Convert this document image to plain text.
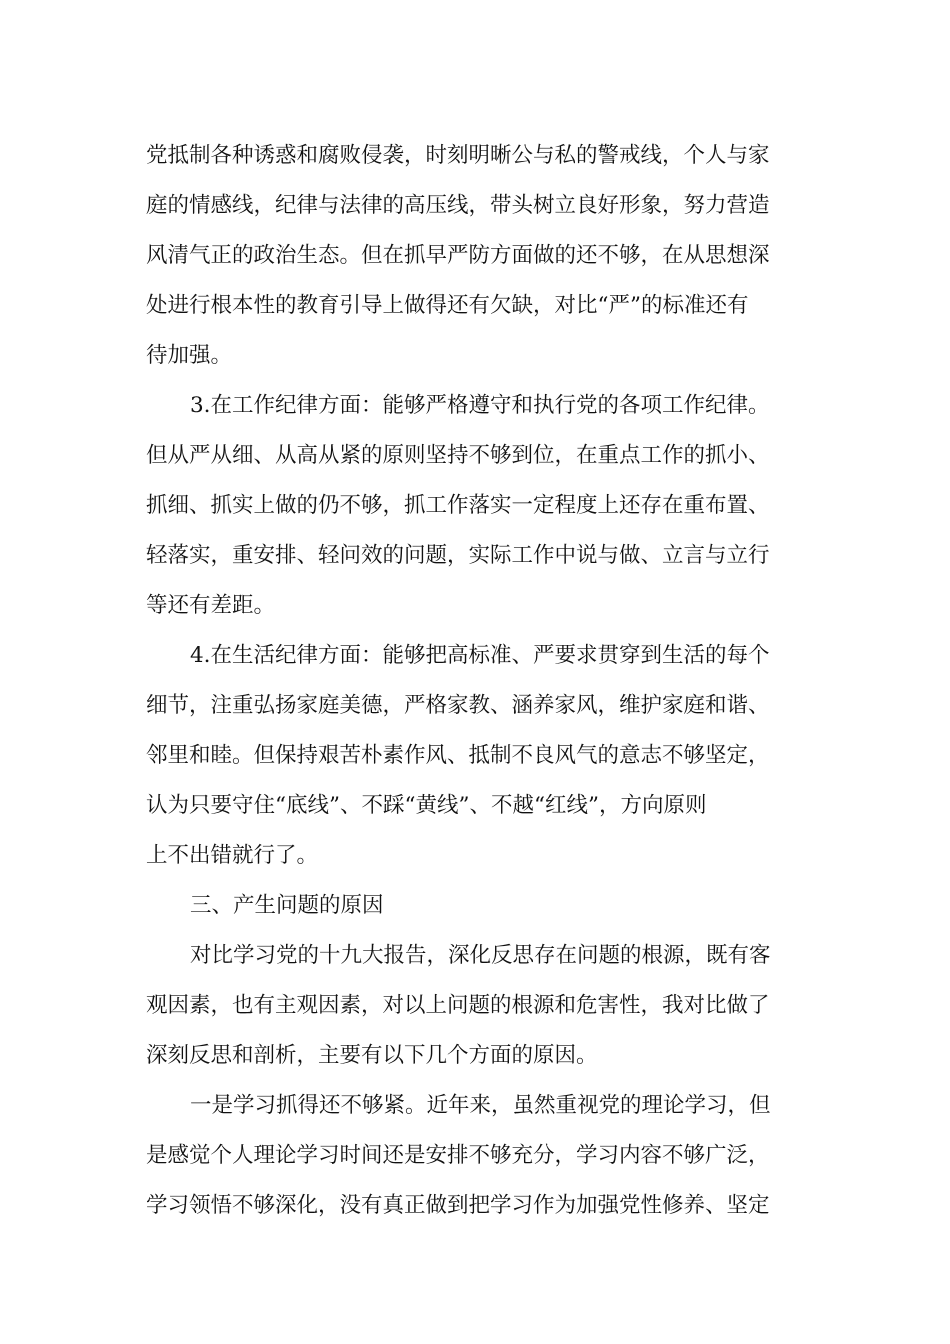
党抵制各种诱惑和腐败侵袭，时刻明晰公与私的警戒线，个人与家
庭的情感线，纪律与法律的高压线，带头树立良好形象，努力营造
风清气正的政治生态。但在抓早严防方面做的还不够，在从思想深
处进行根本性的教育引导上做得还有欠缺，对比“严”的标准还有
待加强。
3.在工作纪律方面：能够严格遵守和执行党的各项工作纪律。
但从严从细、从高从紧的原则坚持不够到位，在重点工作的抓小、
抓细、抓实上做的仍不够，抓工作落实一定程度上还存在重布置、
轻落实，重安排、轻问效的问题，实际工作中说与做、立言与立行
等还有差距。
4.在生活纪律方面：能够把高标准、严要求贯穿到生活的每个
细节，注重弘扬家庭美德，严格家教、涵养家风，维护家庭和谐、
邻里和睦。但保持艰苦朴素作风、抵制不良风气的意志不够坚定，
认为只要守住“底线”、不踩“黄线”、不越“红线”，方向原则
上不出错就行了。
三、产生问题的原因
对比学习党的十九大报告，深化反思存在问题的根源，既有客
观因素，也有主观因素，对以上问题的根源和危害性，我对比做了
深刻反思和剖析，主要有以下几个方面的原因。
一是学习抓得还不够紧。近年来，虽然重视党的理论学习，但
是感觉个人理论学习时间还是安排不够充分，学习内容不够广泛，
学习领悟不够深化，没有真正做到把学习作为加强党性修养、坚定
